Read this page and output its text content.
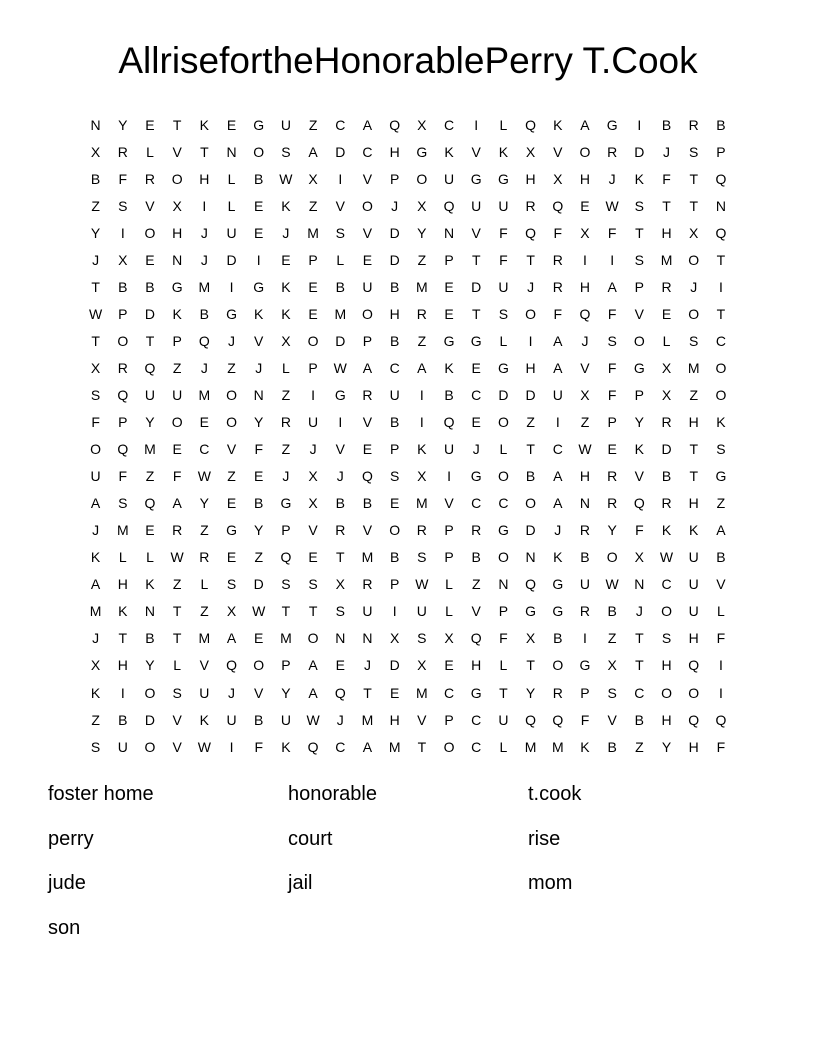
AllrisefortheHonorablePerry T.Cook
N	Y	E	T	K	E	G	U	Z	C	A	Q	X	C	I	L	Q	K	A	G	I	B	R	B
X	R	L	V	T	N	O	S	A	D	C	H	G	K	V	K	X	V	O	R	D	J	S	P
B	F	R	O	H	L	B	W	X	I	V	P	O	U	G	G	H	X	H	J	K	F	T	Q
Z	S	V	X	I	L	E	K	Z	V	O	J	X	Q	U	U	R	Q	E	W	S	T	T	N
Y	I	O	H	J	U	E	J	M	S	V	D	Y	N	V	F	Q	F	X	F	T	H	X	Q
J	X	E	N	J	D	I	E	P	L	E	D	Z	P	T	F	T	R	I	I	S	M	O	T
T	B	B	G	M	I	G	K	E	B	U	B	M	E	D	U	J	R	H	A	P	R	J	I
W	P	D	K	B	G	K	K	E	M	O	H	R	E	T	S	O	F	Q	F	V	E	O	T
T	O	T	P	Q	J	V	X	O	D	P	B	Z	G	G	L	I	A	J	S	O	L	S	C
X	R	Q	Z	J	Z	J	L	P	W	A	C	A	K	E	G	H	A	V	F	G	X	M	O
S	Q	U	U	M	O	N	Z	I	G	R	U	I	B	C	D	D	U	X	F	P	X	Z	O
F	P	Y	O	E	O	Y	R	U	I	V	B	I	Q	E	O	Z	I	Z	P	Y	R	H	K
O	Q	M	E	C	V	F	Z	J	V	E	P	K	U	J	L	T	C	W	E	K	D	T	S
U	F	Z	F	W	Z	E	J	X	J	Q	S	X	I	G	O	B	A	H	R	V	B	T	G
A	S	Q	A	Y	E	B	G	X	B	B	E	M	V	C	C	O	A	N	R	Q	R	H	Z
J	M	E	R	Z	G	Y	P	V	R	V	O	R	P	R	G	D	J	R	Y	F	K	K	A
K	L	L	W	R	E	Z	Q	E	T	M	B	S	P	B	O	N	K	B	O	X	W	U	B
A	H	K	Z	L	S	D	S	S	X	R	P	W	L	Z	N	Q	G	U	W	N	C	U	V
M	K	N	T	Z	X	W	T	T	S	U	I	U	L	V	P	G	G	R	B	J	O	U	L
J	T	B	T	M	A	E	M	O	N	N	X	S	X	Q	F	X	B	I	Z	T	S	H	F
X	H	Y	L	V	Q	O	P	A	E	J	D	X	E	H	L	T	O	G	X	T	H	Q	I
K	I	O	S	U	J	V	Y	A	Q	T	E	M	C	G	T	Y	R	P	S	C	O	O	I
Z	B	D	V	K	U	B	U	W	J	M	H	V	P	C	U	Q	Q	F	V	B	H	Q	Q
S	U	O	V	W	I	F	K	Q	C	A	M	T	O	C	L	M	M	K	B	Z	Y	H	F
foster home
perry
jude
son
honorable
court
jail
t.cook
rise
mom
